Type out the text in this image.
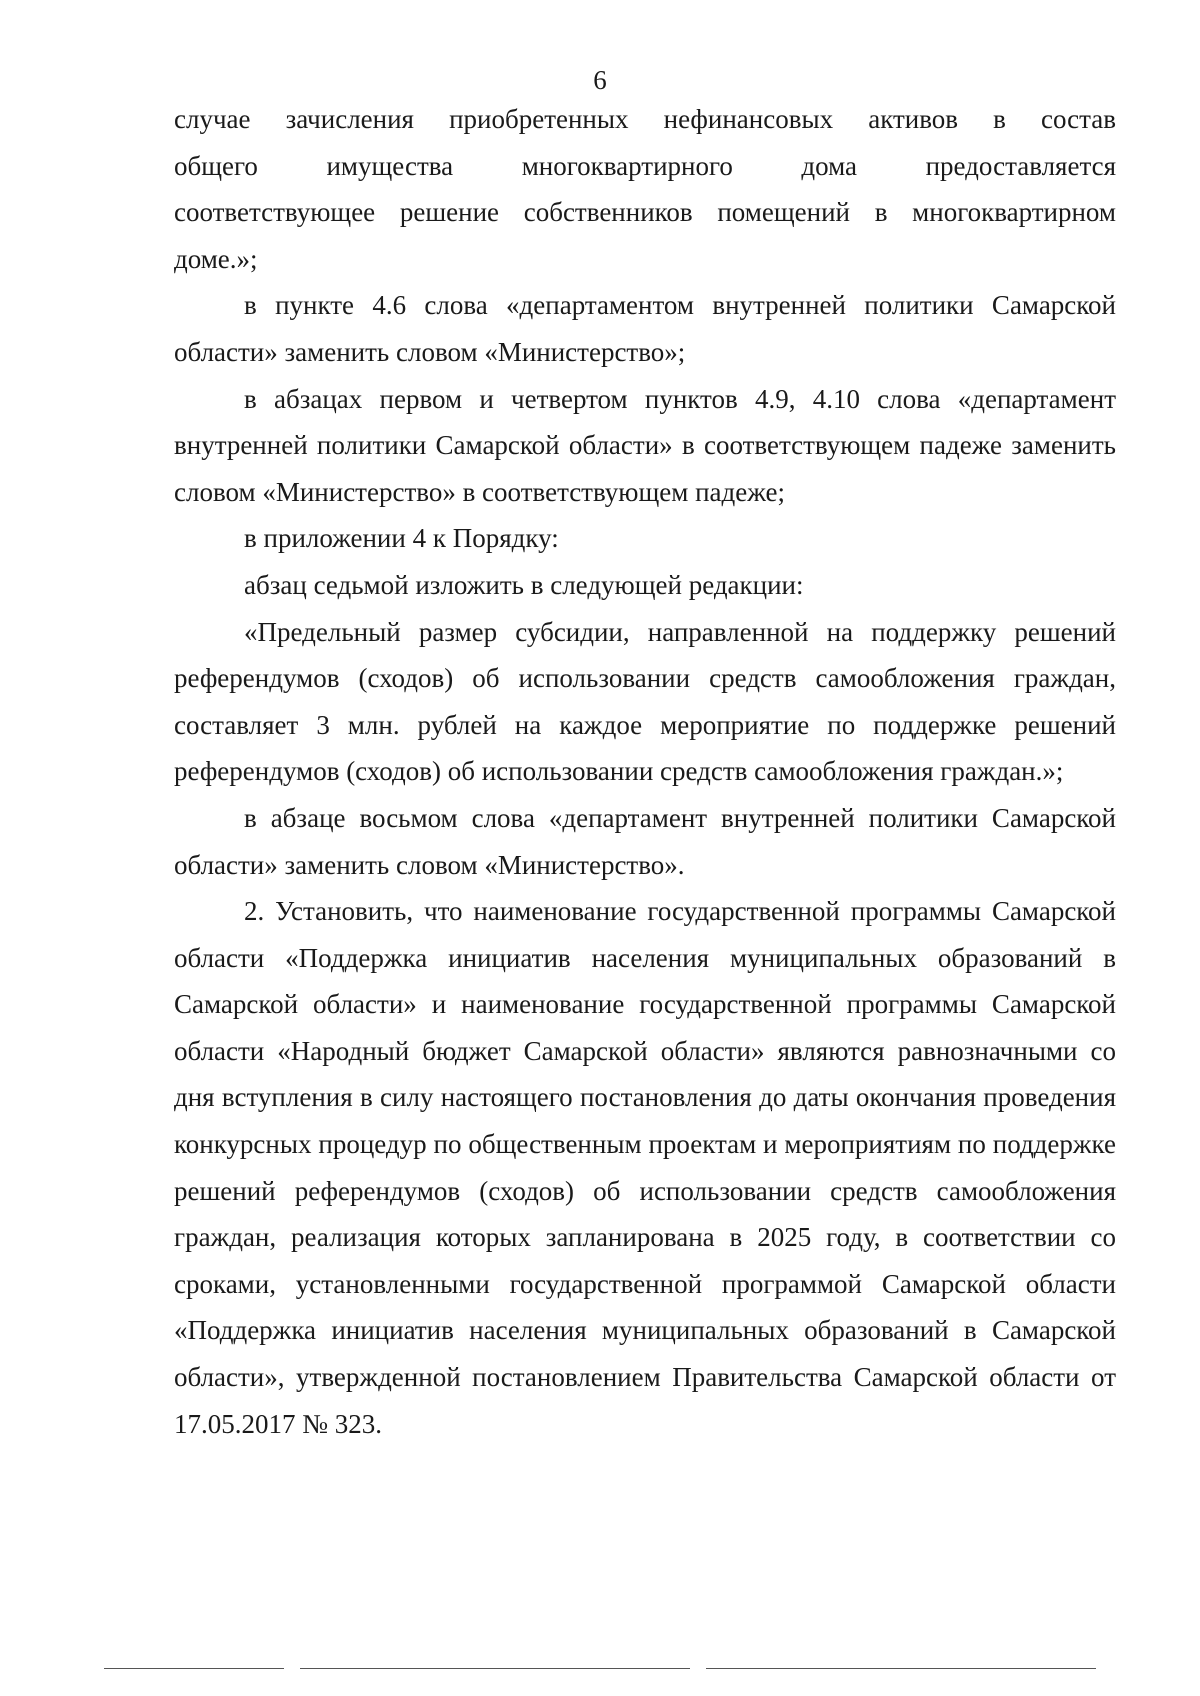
6
случае зачисления приобретенных нефинансовых активов в состав
общего имущества многоквартирного дома предоставляется
соответствующее решение собственников помещений в многоквартирном
доме.»;

в пункте 4.6 слова «департаментом внутренней политики Самарской области» заменить словом «Министерство»;

в абзацах первом и четвертом пунктов 4.9, 4.10 слова «департамент внутренней политики Самарской области» в соответствующем падеже заменить словом «Министерство» в соответствующем падеже;

в приложении 4 к Порядку:

абзац седьмой изложить в следующей редакции:

«Предельный размер субсидии, направленной на поддержку решений референдумов (сходов) об использовании средств самообложения граждан, составляет 3 млн. рублей на каждое мероприятие по поддержке решений референдумов (сходов) об использовании средств самообложения граждан.»;

в абзаце восьмом слова «департамент внутренней политики Самарской области» заменить словом «Министерство».

2. Установить, что наименование государственной программы Самарской области «Поддержка инициатив населения муниципальных образований в Самарской области» и наименование государственной программы Самарской области «Народный бюджет Самарской области» являются равнозначными со дня вступления в силу настоящего постановления до даты окончания проведения конкурсных процедур по общественным проектам и мероприятиям по поддержке решений референдумов (сходов) об использовании средств самообложения граждан, реализация которых запланирована в 2025 году, в соответствии со сроками, установленными государственной программой Самарской области «Поддержка инициатив населения муниципальных образований в Самарской области», утвержденной постановлением Правительства Самарской области от 17.05.2017 № 323.
